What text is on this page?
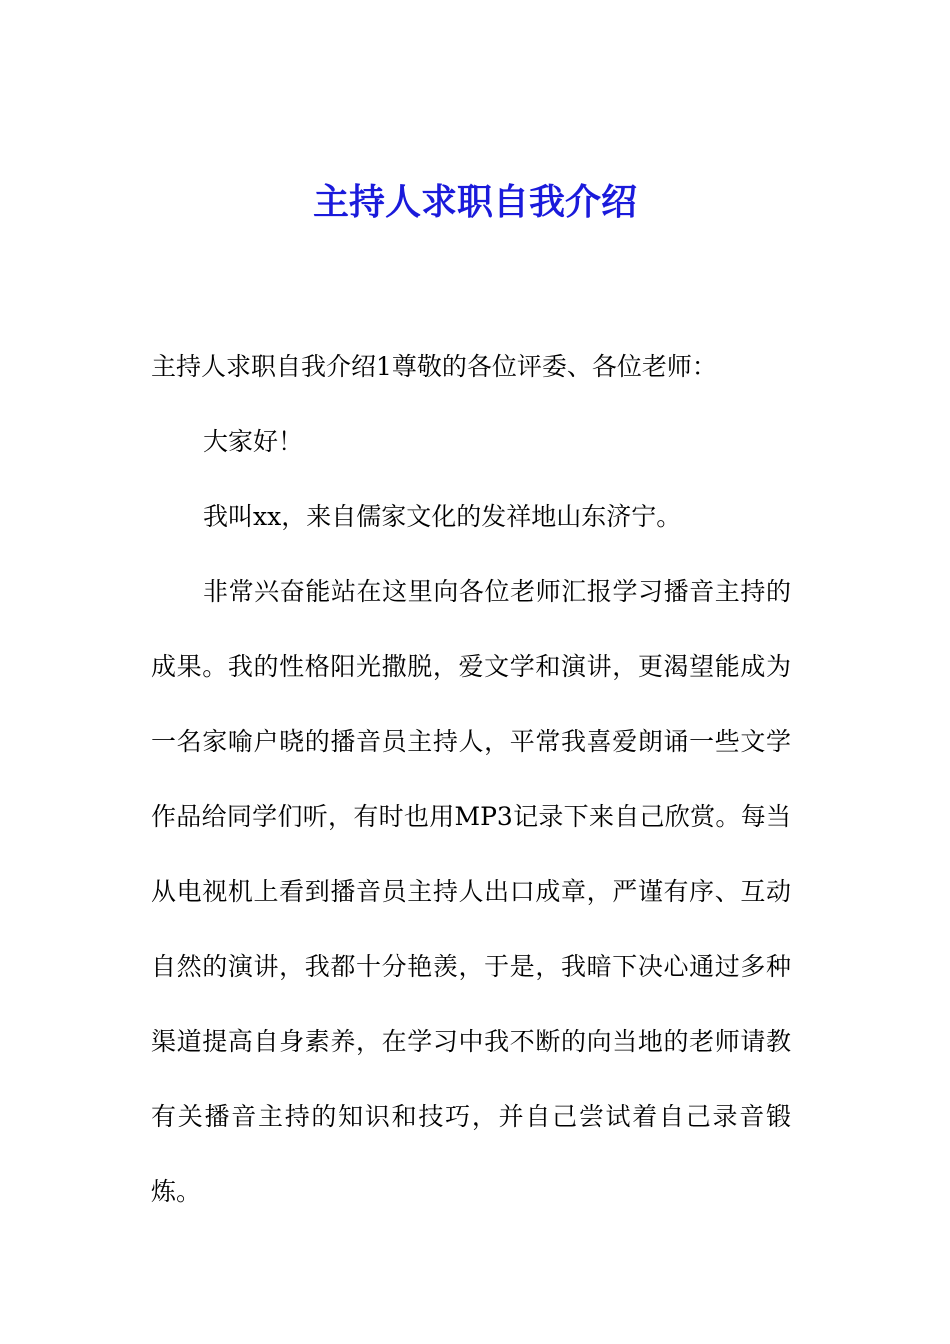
主持人求职自我介绍

主持人求职自我介绍1尊敬的各位评委、各位老师：

大家好！

我叫xx，来自儒家文化的发祥地山东济宁。

非常兴奋能站在这里向各位老师汇报学习播音主持的成果。我的性格阳光撒脱，爱文学和演讲，更渴望能成为一名家喻户晓的播音员主持人，平常我喜爱朗诵一些文学作品给同学们听，有时也用MP3记录下来自己欣赏。每当从电视机上看到播音员主持人出口成章，严谨有序、互动自然的演讲，我都十分艳羡，于是，我暗下决心通过多种渠道提高自身素养，在学习中我不断的向当地的老师请教有关播音主持的知识和技巧，并自己尝试着自己录音锻炼。
